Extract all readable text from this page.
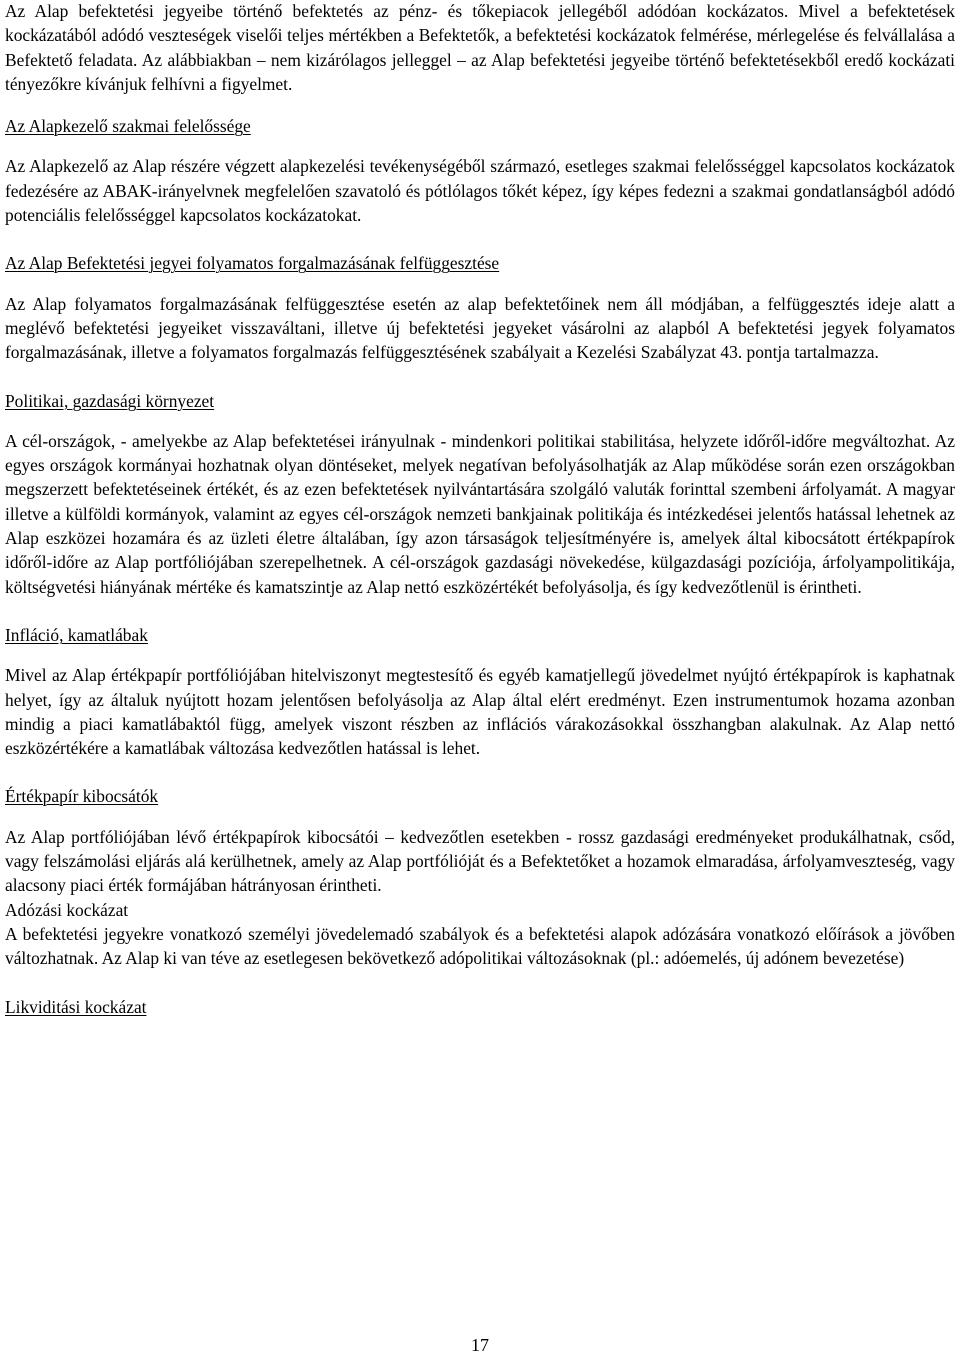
Az Alap befektetési jegyeibe történő befektetés az pénz- és tőkepiacok jellegéből adódóan kockázatos. Mivel a befektetések kockázatából adódó veszteségek viselői teljes mértékben a Befektetők, a befektetési kockázatok felmérése, mérlegelése és felvállalása a Befektető feladata. Az alábbiakban – nem kizárólagos jelleggel – az Alap befektetési jegyeibe történő befektetésekből eredő kockázati tényezőkre kívánjuk felhívni a figyelmet.

Az Alapkezelő szakmai felelőssége

Az Alapkezelő az Alap részére végzett alapkezelési tevékenységéből származó, esetleges szakmai felelősséggel kapcsolatos kockázatok fedezésére az ABAK-irányelvnek megfelelően szavatoló és pótlólagos tőkét képez, így képes fedezni a szakmai gondatlanságból adódó potenciális felelősséggel kapcsolatos kockázatokat.

Az Alap Befektetési jegyei folyamatos forgalmazásának felfüggesztése

Az Alap folyamatos forgalmazásának felfüggesztése esetén az alap befektetőinek nem áll módjában, a felfüggesztés ideje alatt a meglévő befektetési jegyeiket visszaváltani, illetve új befektetési jegyeket vásárolni az alapból A befektetési jegyek folyamatos forgalmazásának, illetve a folyamatos forgalmazás felfüggesztésének szabályait a Kezelési Szabályzat 43. pontja tartalmazza.

Politikai, gazdasági környezet

A cél-országok, - amelyekbe az Alap befektetései irányulnak - mindenkori politikai stabilitása, helyzete időről-időre megváltozhat. Az egyes országok kormányai hozhatnak olyan döntéseket, melyek negatívan befolyásolhatják az Alap működése során ezen országokban megszerzett befektetéseinek értékét, és az ezen befektetések nyilvántartására szolgáló valuták forinttal szembeni árfolyamát. A magyar illetve a külföldi kormányok, valamint az egyes cél-országok nemzeti bankjainak politikája és intézkedései jelentős hatással lehetnek az Alap eszközei hozamára és az üzleti életre általában, így azon társaságok teljesítményére is, amelyek által kibocsátott értékpapírok időről-időre az Alap portfóliójában szerepelhetnek. A cél-országok gazdasági növekedése, külgazdasági pozíciója, árfolyampolitikája, költségvetési hiányának mértéke és kamatszintje az Alap nettó eszközértékét befolyásolja, és így kedvezőtlenül is érintheti.

Infláció, kamatlábak

Mivel az Alap értékpapír portfóliójában hitelviszonyt megtestesítő és egyéb kamatjellegű jövedelmet nyújtó értékpapírok is kaphatnak helyet, így az általuk nyújtott hozam jelentősen befolyásolja az Alap által elért eredményt. Ezen instrumentumok hozama azonban mindig a piaci kamatlábaktól függ, amelyek viszont részben az inflációs várakozásokkal összhangban alakulnak. Az Alap nettó eszközértékére a kamatlábak változása kedvezőtlen hatással is lehet.

Értékpapír kibocsátók

Az Alap portfóliójában lévő értékpapírok kibocsátói – kedvezőtlen esetekben - rossz gazdasági eredményeket produkálhatnak, csőd, vagy felszámolási eljárás alá kerülhetnek, amely az Alap portfólióját és a Befektetőket a hozamok elmaradása, árfolyamveszteség, vagy alacsony piaci érték formájában hátrányosan érintheti.

Adózási kockázat

A befektetési jegyekre vonatkozó személyi jövedelemadó szabályok és a befektetési alapok adózására vonatkozó előírások a jövőben változhatnak. Az Alap ki van téve az esetlegesen bekövetkező adópolitikai változásoknak (pl.: adóemelés, új adónem bevezetése)

Likviditási kockázat
17
